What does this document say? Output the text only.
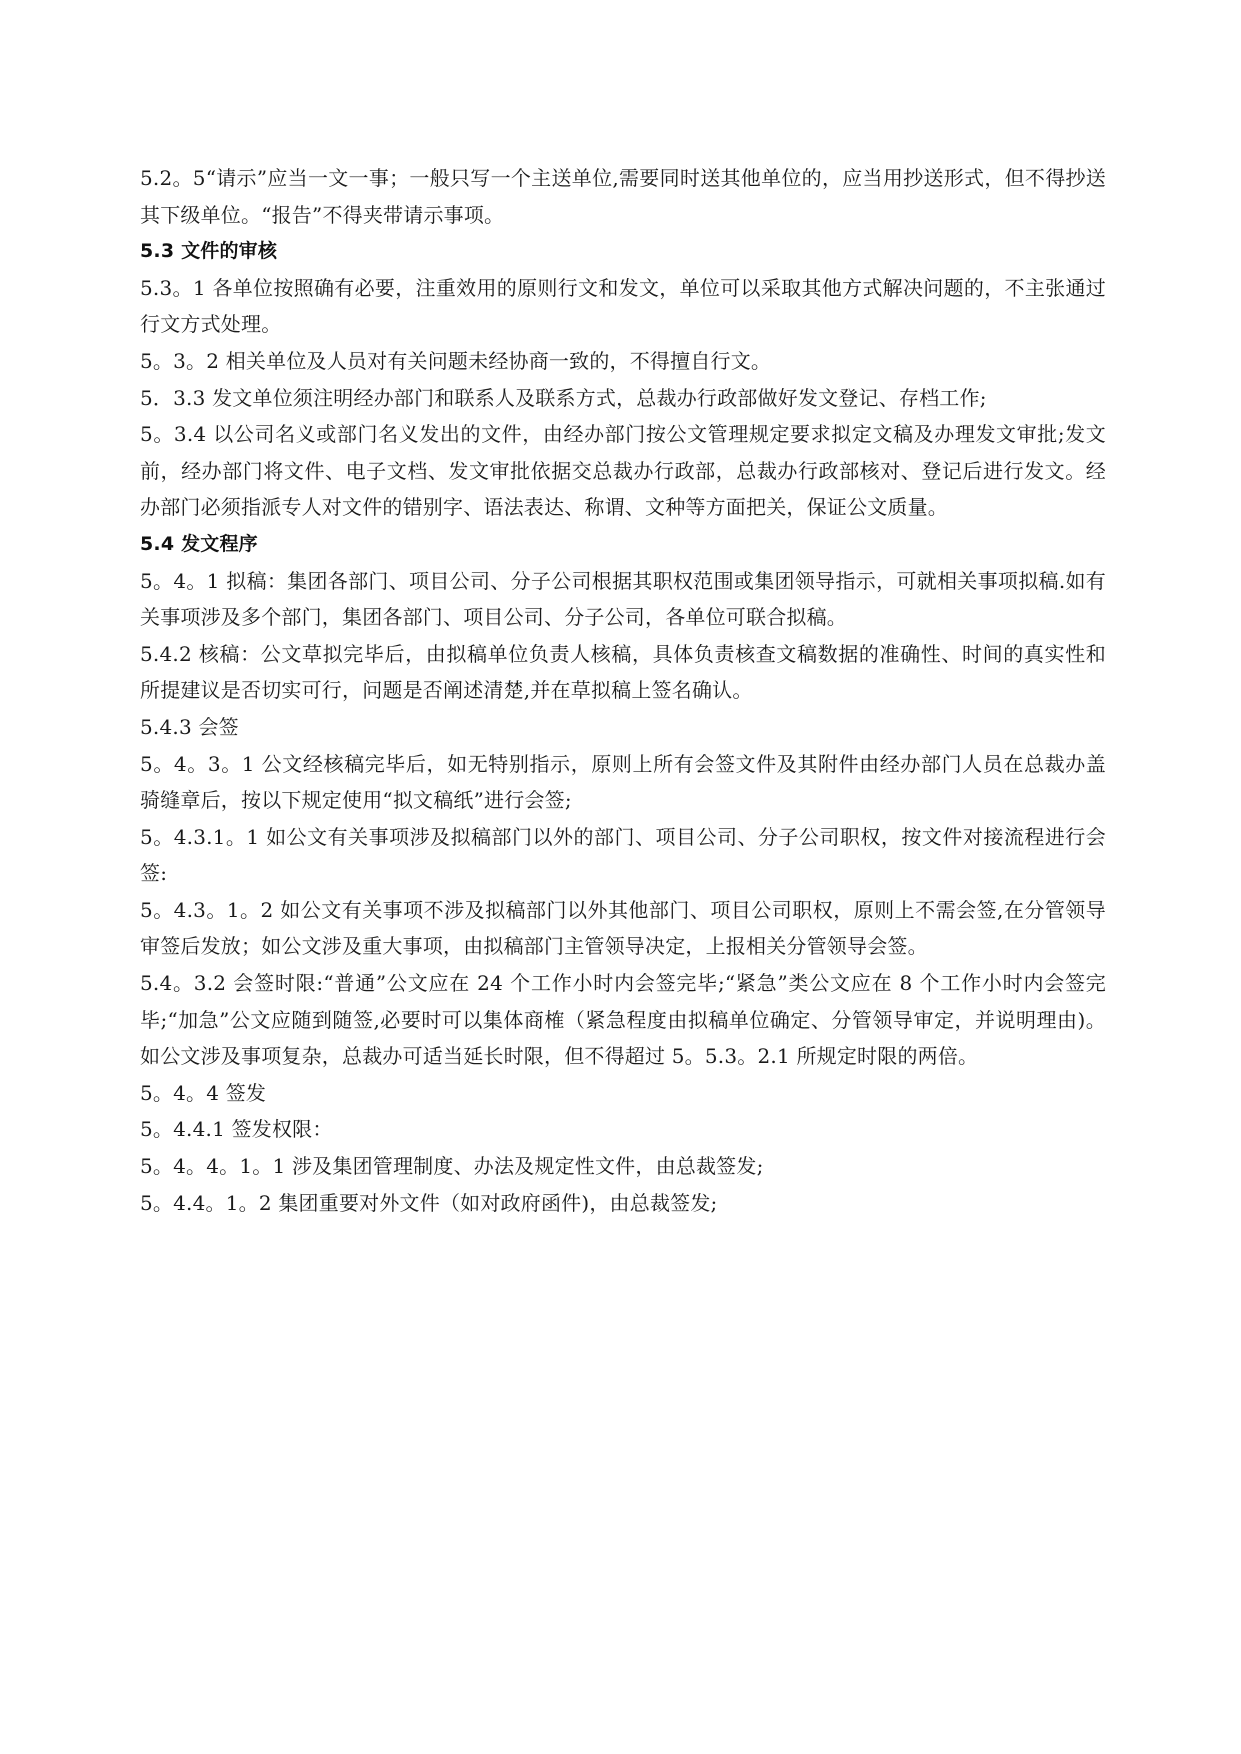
5.2。5“请示”应当一文一事；一般只写一个主送单位,需要同时送其他单位的，应当用抄送形式，但不得抄送其下级单位。“报告”不得夹带请示事项。

5.3 文件的审核

5.3。1 各单位按照确有必要，注重效用的原则行文和发文，单位可以采取其他方式解决问题的，不主张通过行文方式处理。

5。3。2 相关单位及人员对有关问题未经协商一致的，不得擅自行文。

5．3.3 发文单位须注明经办部门和联系人及联系方式，总裁办行政部做好发文登记、存档工作;

5。3.4 以公司名义或部门名义发出的文件，由经办部门按公文管理规定要求拟定文稿及办理发文审批;发文前，经办部门将文件、电子文档、发文审批依据交总裁办行政部，总裁办行政部核对、登记后进行发文。经办部门必须指派专人对文件的错别字、语法表达、称谓、文种等方面把关，保证公文质量。

5.4 发文程序

5。4。1 拟稿：集团各部门、项目公司、分子公司根据其职权范围或集团领导指示，可就相关事项拟稿.如有关事项涉及多个部门，集团各部门、项目公司、分子公司，各单位可联合拟稿。

5.4.2 核稿：公文草拟完毕后，由拟稿单位负责人核稿，具体负责核查文稿数据的准确性、时间的真实性和所提建议是否切实可行，问题是否阐述清楚,并在草拟稿上签名确认。

5.4.3 会签

5。4。3。1 公文经核稿完毕后，如无特别指示，原则上所有会签文件及其附件由经办部门人员在总裁办盖骑缝章后，按以下规定使用“拟文稿纸”进行会签;

5。4.3.1。1 如公文有关事项涉及拟稿部门以外的部门、项目公司、分子公司职权，按文件对接流程进行会签:

5。4.3。1。2 如公文有关事项不涉及拟稿部门以外其他部门、项目公司职权，原则上不需会签,在分管领导审签后发放；如公文涉及重大事项，由拟稿部门主管领导决定，上报相关分管领导会签。

5.4。3.2 会签时限:“普通”公文应在 24 个工作小时内会签完毕;“紧急”类公文应在 8 个工作小时内会签完毕;“加急”公文应随到随签,必要时可以集体商榷（紧急程度由拟稿单位确定、分管领导审定，并说明理由)。如公文涉及事项复杂，总裁办可适当延长时限，但不得超过 5。5.3。2.1 所规定时限的两倍。

5。4。4 签发

5。4.4.1 签发权限：

5。4。4。1。1 涉及集团管理制度、办法及规定性文件，由总裁签发;

5。4.4。1。2 集团重要对外文件（如对政府函件)，由总裁签发;
